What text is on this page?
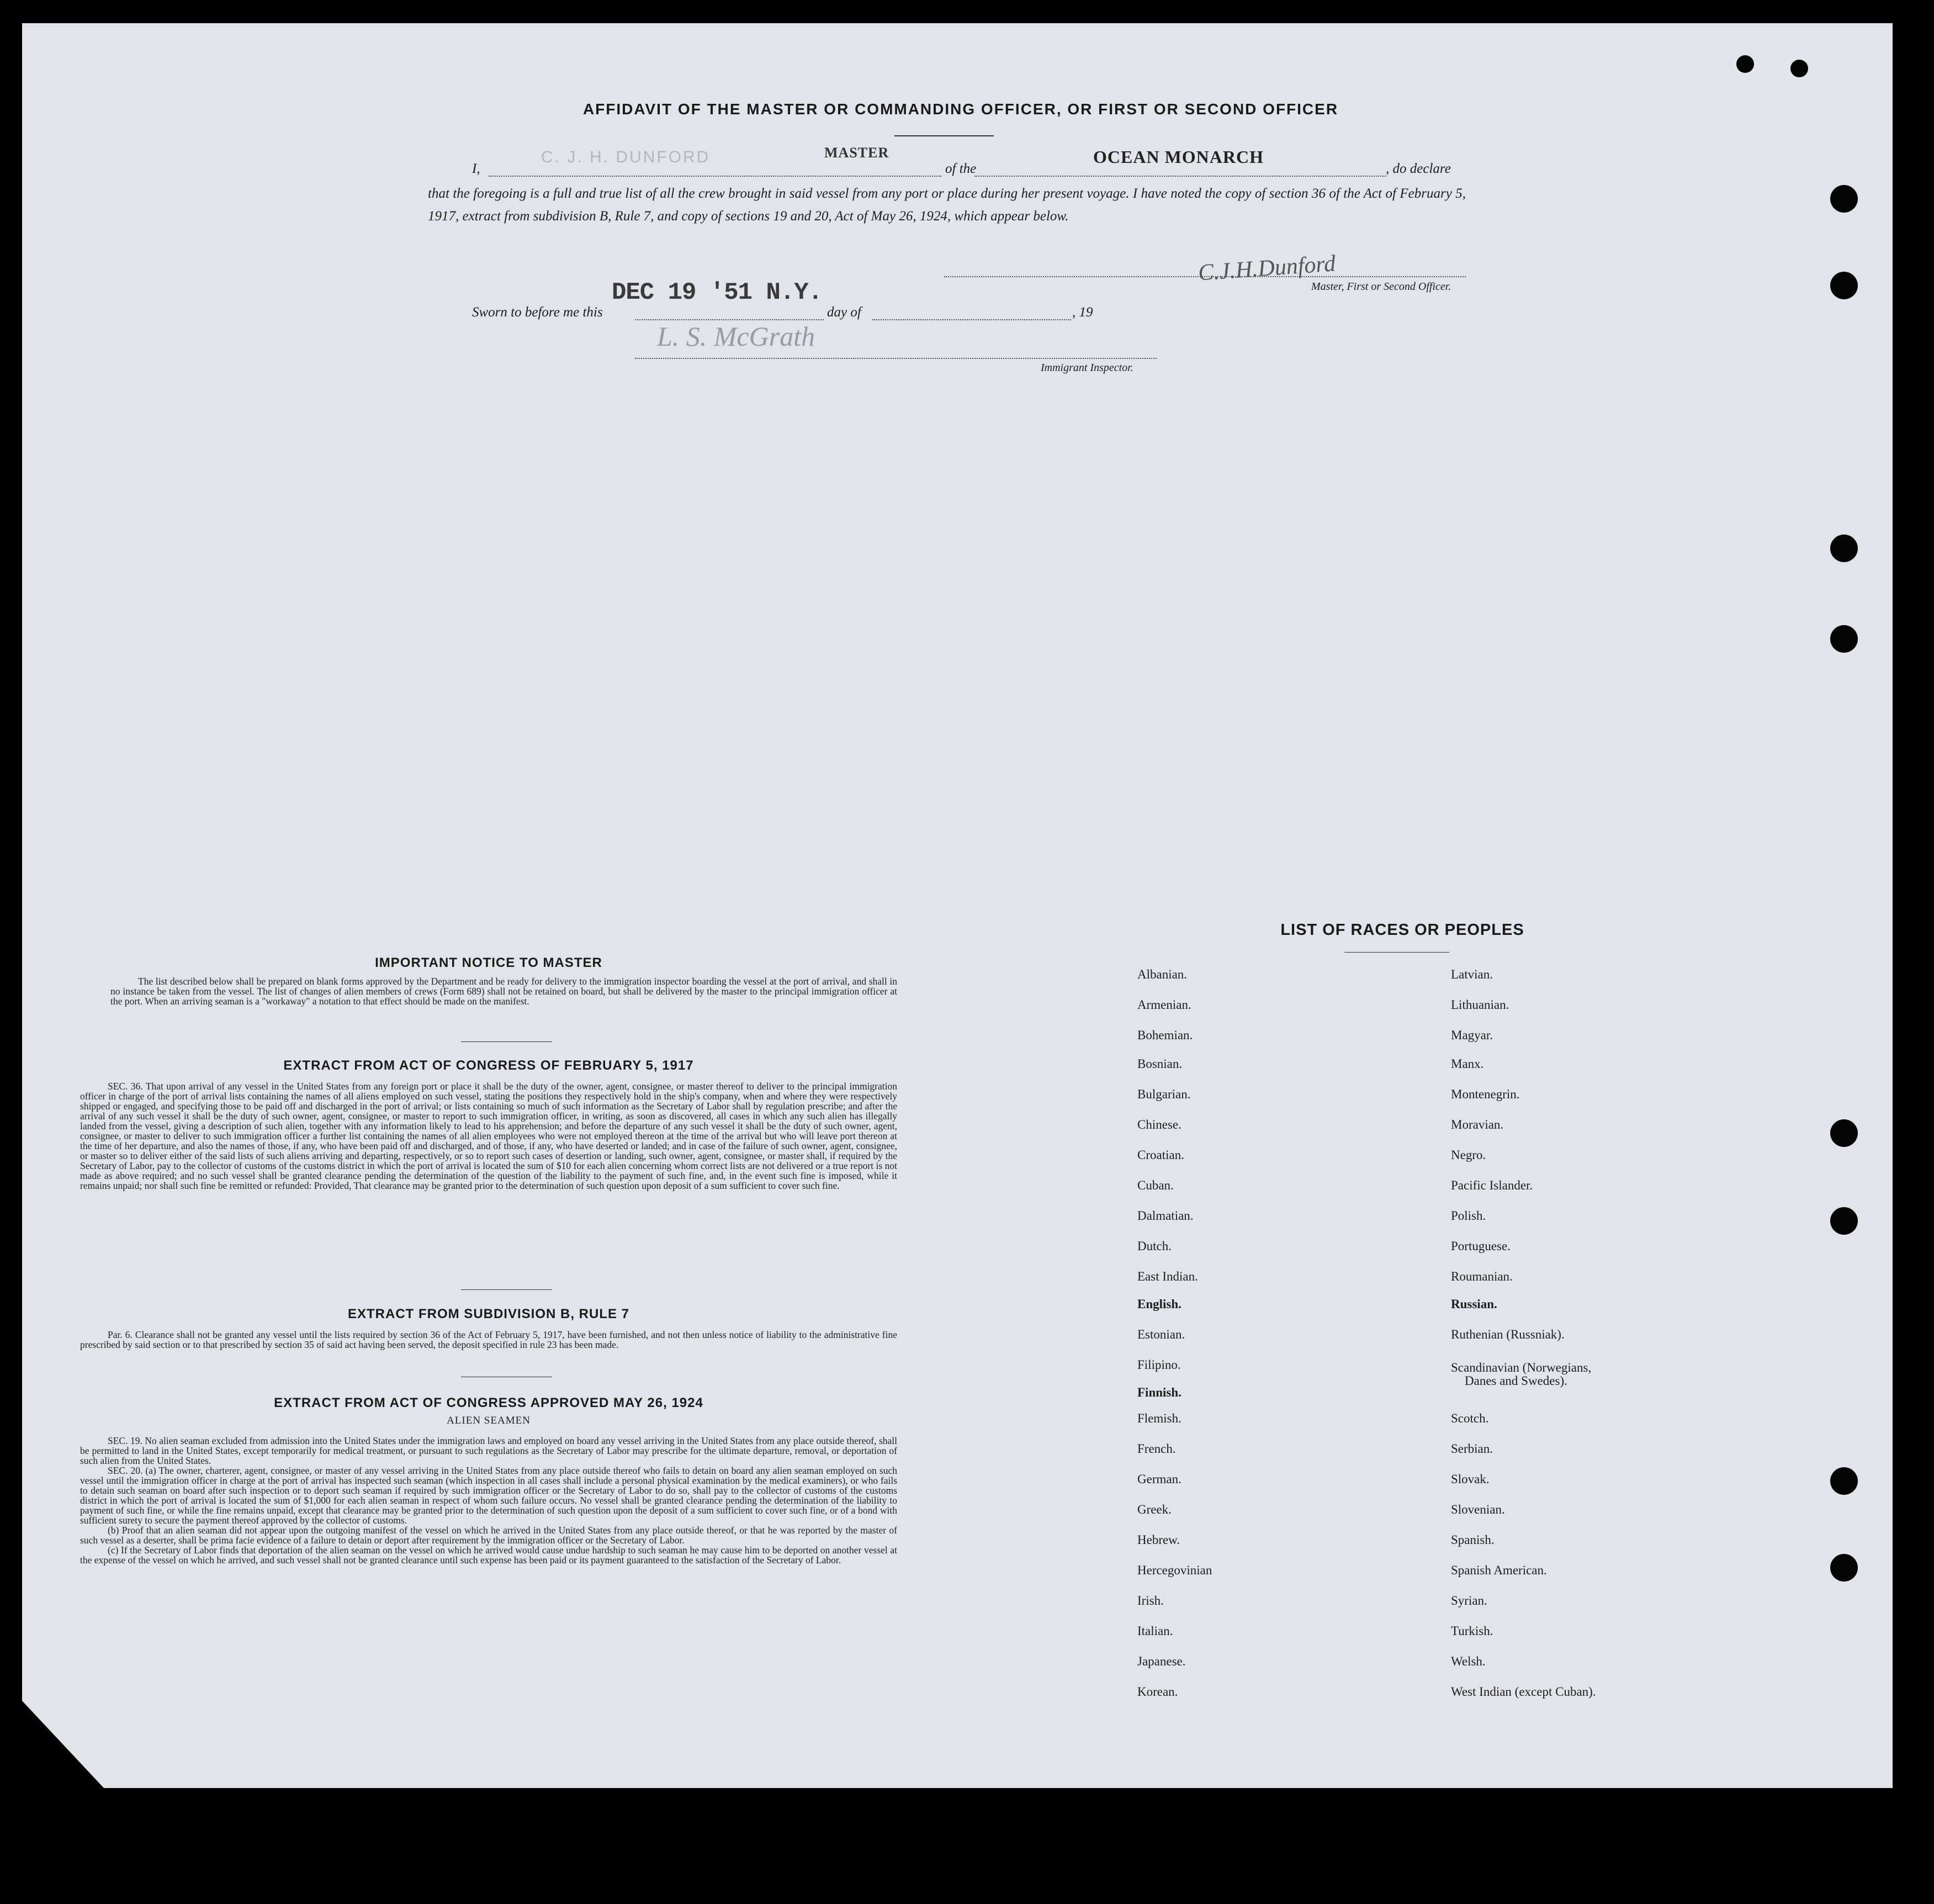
AFFIDAVIT OF THE MASTER OR COMMANDING OFFICER, OR FIRST OR SECOND OFFICER
I,
C. J. H. DUNFORD	MASTER
of the
OCEAN MONARCH
, do declare
that the foregoing is a full and true list of all the crew brought in said vessel from any port or place during her present voyage. I have noted the copy of section 36 of the Act of February 5, 1917, extract from subdivision B, Rule 7, and copy of sections 19 and 20, Act of May 26, 1924, which appear below.
C.J.H.Dunford
Master, First or Second Officer.
Sworn to before me this
DEC 19 '51 N.Y.
day of	, 19
L. S. McGrath
Immigrant Inspector.
IMPORTANT NOTICE TO MASTER

The list described below shall be prepared on blank forms approved by the Department and be ready for delivery to the immigration inspector boarding the vessel at the port of arrival, and shall in no instance be taken from the vessel. The list of changes of alien members of crews (Form 689) shall not be retained on board, but shall be delivered by the master to the principal immigration officer at the port. When an arriving seaman is a "workaway" a notation to that effect should be made on the manifest.

EXTRACT FROM ACT OF CONGRESS OF FEBRUARY 5, 1917

SEC. 36. That upon arrival of any vessel in the United States from any foreign port or place it shall be the duty of the owner, agent, consignee, or master thereof to deliver to the principal immigration officer in charge of the port of arrival lists containing the names of all aliens employed on such vessel, stating the positions they respectively hold in the ship's company, when and where they were respectively shipped or engaged, and specifying those to be paid off and discharged in the port of arrival; or lists containing so much of such information as the Secretary of Labor shall by regulation prescribe; and after the arrival of any such vessel it shall be the duty of such owner, agent, consignee, or master to report to such immigration officer, in writing, as soon as discovered, all cases in which any such alien has illegally landed from the vessel, giving a description of such alien, together with any information likely to lead to his apprehension; and before the departure of any such vessel it shall be the duty of such owner, agent, consignee, or master to deliver to such immigration officer a further list containing the names of all alien employees who were not employed thereon at the time of the arrival but who will leave port thereon at the time of her departure, and also the names of those, if any, who have been paid off and discharged, and of those, if any, who have deserted or landed; and in case of the failure of such owner, agent, consignee, or master so to deliver either of the said lists of such aliens arriving and departing, respectively, or so to report such cases of desertion or landing, such owner, agent, consignee, or master shall, if required by the Secretary of Labor, pay to the collector of customs of the customs district in which the port of arrival is located the sum of $10 for each alien concerning whom correct lists are not delivered or a true report is not made as above required; and no such vessel shall be granted clearance pending the determination of the question of the liability to the payment of such fine, and, in the event such fine is imposed, while it remains unpaid; nor shall such fine be remitted or refunded: Provided, That clearance may be granted prior to the determination of such question upon deposit of a sum sufficient to cover such fine.

EXTRACT FROM SUBDIVISION B, RULE 7

Par. 6. Clearance shall not be granted any vessel until the lists required by section 36 of the Act of February 5, 1917, have been furnished, and not then unless notice of liability to the administrative fine prescribed by said section or to that prescribed by section 35 of said act having been served, the deposit specified in rule 23 has been made.

EXTRACT FROM ACT OF CONGRESS APPROVED MAY 26, 1924
ALIEN SEAMEN

SEC. 19. No alien seaman excluded from admission into the United States under the immigration laws and employed on board any vessel arriving in the United States from any place outside thereof, shall be permitted to land in the United States, except temporarily for medical treatment, or pursuant to such regulations as the Secretary of Labor may prescribe for the ultimate departure, removal, or deportation of such alien from the United States.

SEC. 20. (a) The owner, charterer, agent, consignee, or master of any vessel arriving in the United States from any place outside thereof who fails to detain on board any alien seaman employed on such vessel until the immigration officer in charge at the port of arrival has inspected such seaman (which inspection in all cases shall include a personal physical examination by the medical examiners), or who fails to detain such seaman on board after such inspection or to deport such seaman if required by such immigration officer or the Secretary of Labor to do so, shall pay to the collector of customs of the customs district in which the port of arrival is located the sum of $1,000 for each alien seaman in respect of whom such failure occurs. No vessel shall be granted clearance pending the determination of the liability to payment of such fine, or while the fine remains unpaid, except that clearance may be granted prior to the determination of such question upon the deposit of a sum sufficient to cover such fine, or of a bond with sufficient surety to secure the payment thereof approved by the collector of customs.

(b) Proof that an alien seaman did not appear upon the outgoing manifest of the vessel on which he arrived in the United States from any place outside thereof, or that he was reported by the master of such vessel as a deserter, shall be prima facie evidence of a failure to detain or deport after requirement by the immigration officer or the Secretary of Labor.

(c) If the Secretary of Labor finds that deportation of the alien seaman on the vessel on which he arrived would cause undue hardship to such seaman he may cause him to be deported on another vessel at the expense of the vessel on which he arrived, and such vessel shall not be granted clearance until such expense has been paid or its payment guaranteed to the satisfaction of the Secretary of Labor.

LIST OF RACES OR PEOPLES
Albanian.
Armenian.
Bohemian.
Bosnian.
Bulgarian.
Chinese.
Croatian.
Cuban.
Dalmatian.
Dutch.
East Indian.
English.
Estonian.
Filipino.
Finnish.
Flemish.
French.
German.
Greek.
Hebrew.
Hercegovinian
Irish.
Italian.
Japanese.
Korean.
Latvian.
Lithuanian.
Magyar.
Manx.
Montenegrin.
Moravian.
Negro.
Pacific Islander.
Polish.
Portuguese.
Roumanian.
Russian.
Ruthenian (Russniak).
Scandinavian (Norwegians,
Danes and Swedes).
Scotch.
Serbian.
Slovak.
Slovenian.
Spanish.
Spanish American.
Syrian.
Turkish.
Welsh.
West Indian (except Cuban).
